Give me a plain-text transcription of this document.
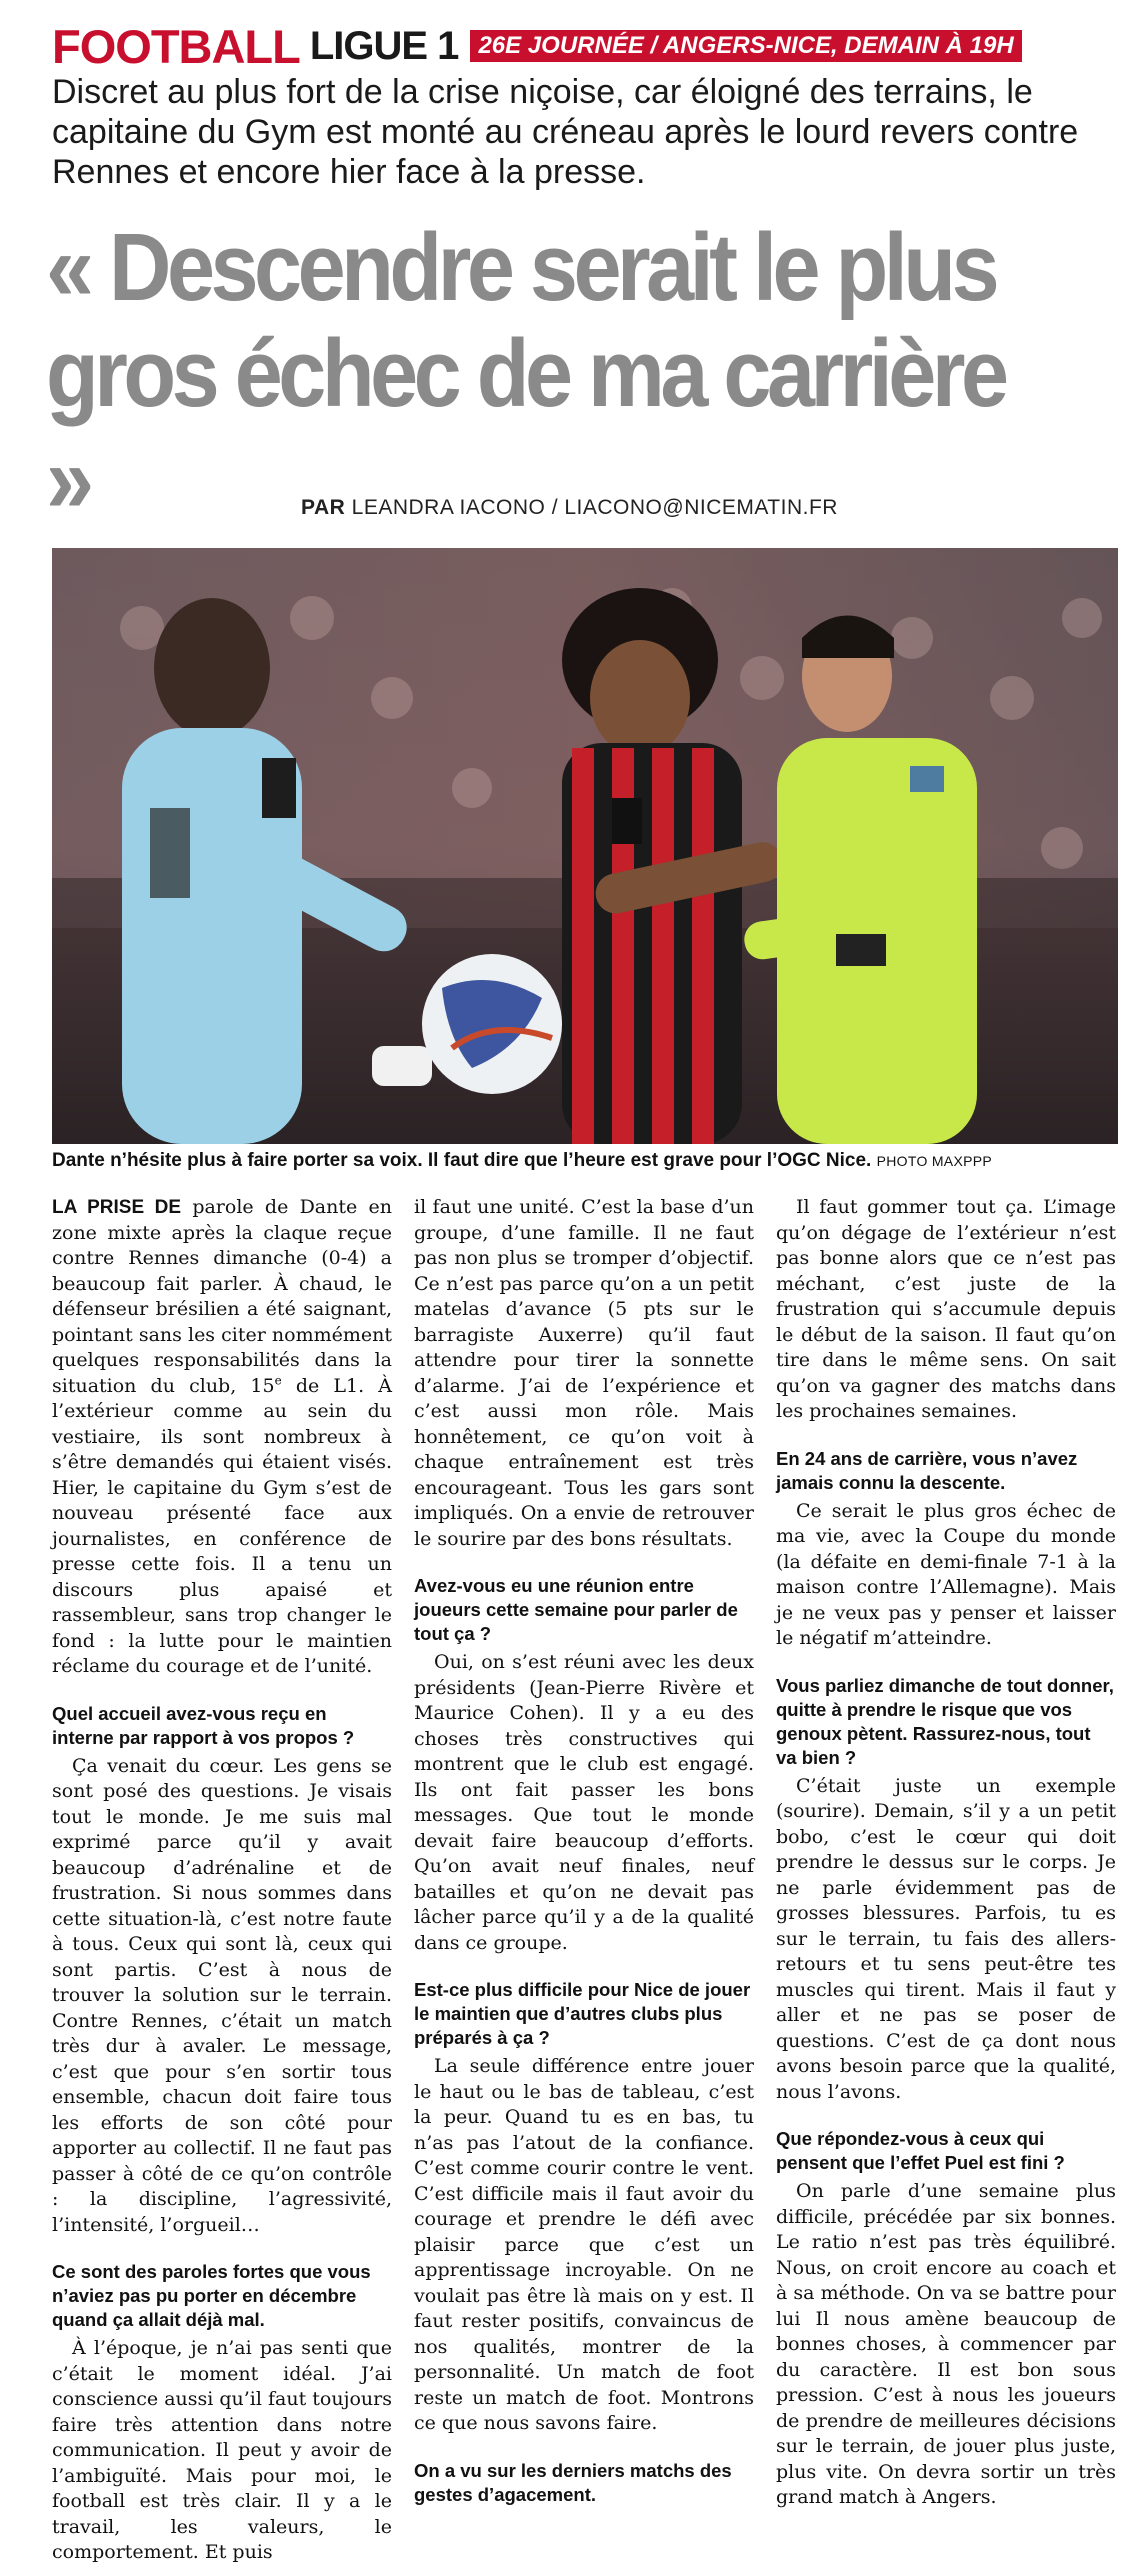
FOOTBALL LIGUE 1 26E JOURNÉE / ANGERS-NICE, DEMAIN À 19H

Discret au plus fort de la crise niçoise, car éloigné des terrains, le capitaine du Gym est monté au créneau après le lourd revers contre Rennes et encore hier face à la presse.

« Descendre serait le plus gros échec de ma carrière »	PAR LEANDRA IACONO / LIACONO@NICEMATIN.FR
Dante n’hésite plus à faire porter sa voix. Il faut dire que l’heure est grave pour l’OGC Nice. PHOTO MAXPPP

LA PRISE DE parole de Dante en zone mixte après la claque reçue contre Rennes dimanche (0-4) a beaucoup fait parler. À chaud, le défenseur brésilien a été saignant, pointant sans les citer nommément quelques responsabilités dans la situation du club, 15e de L1. À l’extérieur comme au sein du vestiaire, ils sont nombreux à s’être demandés qui étaient visés. Hier, le capitaine du Gym s’est de nouveau présenté face aux journalistes, en conférence de presse cette fois. Il a tenu un discours plus apaisé et rassembleur, sans trop changer le fond : la lutte pour le maintien réclame du courage et de l’unité.

Quel accueil avez-vous reçu en interne par rapport à vos propos ?

Ça venait du cœur. Les gens se sont posé des questions. Je visais tout le monde. Je me suis mal exprimé parce qu’il y avait beaucoup d’adrénaline et de frustration. Si nous sommes dans cette situation-là, c’est notre faute à tous. Ceux qui sont là, ceux qui sont partis. C’est à nous de trouver la solution sur le terrain. Contre Rennes, c’était un match très dur à avaler. Le message, c’est que pour s’en sortir tous ensemble, chacun doit faire tous les efforts de son côté pour apporter au collectif. Il ne faut pas passer à côté de ce qu’on contrôle : la discipline, l’agressivité, l’intensité, l’orgueil…

Ce sont des paroles fortes que vous n’aviez pas pu porter en décembre quand ça allait déjà mal.

À l’époque, je n’ai pas senti que c’était le moment idéal. J’ai conscience aussi qu’il faut toujours faire très attention dans notre communication. Il peut y avoir de l’ambiguïté. Mais pour moi, le football est très clair. Il y a le travail, les valeurs, le comportement. Et puis

il faut une unité. C’est la base d’un groupe, d’une famille. Il ne faut pas non plus se tromper d’objectif. Ce n’est pas parce qu’on a un petit matelas d’avance (5 pts sur le barragiste Auxerre) qu’il faut attendre pour tirer la sonnette d’alarme. J’ai de l’expérience et c’est aussi mon rôle. Mais honnêtement, ce qu’on voit à chaque entraînement est très encourageant. Tous les gars sont impliqués. On a envie de retrouver le sourire par des bons résultats.

Avez-vous eu une réunion entre joueurs cette semaine pour parler de tout ça ?

Oui, on s’est réuni avec les deux présidents (Jean-Pierre Rivère et Maurice Cohen). Il y a eu des choses très constructives qui montrent que le club est engagé. Ils ont fait passer les bons messages. Que tout le monde devait faire beaucoup d’efforts. Qu’on avait neuf finales, neuf batailles et qu’on ne devait pas lâcher parce qu’il y a de la qualité dans ce groupe.

Est-ce plus difficile pour Nice de jouer le maintien que d’autres clubs plus préparés à ça ?

La seule différence entre jouer le haut ou le bas de tableau, c’est la peur. Quand tu es en bas, tu n’as pas l’atout de la confiance. C’est comme courir contre le vent. C’est difficile mais il faut avoir du courage et prendre le défi avec plaisir parce que c’est un apprentissage incroyable. On ne voulait pas être là mais on y est. Il faut rester positifs, convaincus de nos qualités, montrer de la personnalité. Un match de foot reste un match de foot. Montrons ce que nous savons faire.

On a vu sur les derniers matchs des gestes d’agacement.

Il faut gommer tout ça. L’image qu’on dégage de l’extérieur n’est pas bonne alors que ce n’est pas méchant, c’est juste de la frustration qui s’accumule depuis le début de la saison. Il faut qu’on tire dans le même sens. On sait qu’on va gagner des matchs dans les prochaines semaines.

En 24 ans de carrière, vous n’avez jamais connu la descente.

Ce serait le plus gros échec de ma vie, avec la Coupe du monde (la défaite en demi-finale 7-1 à la maison contre l’Allemagne). Mais je ne veux pas y penser et laisser le négatif m’atteindre.

Vous parliez dimanche de tout donner, quitte à prendre le risque que vos genoux pètent. Rassurez-nous, tout va bien ?

C’était juste un exemple (sourire). Demain, s’il y a un petit bobo, c’est le cœur qui doit prendre le dessus sur le corps. Je ne parle évidemment pas de grosses blessures. Parfois, tu es sur le terrain, tu fais des allers-retours et tu sens peut-être tes muscles qui tirent. Mais il faut y aller et ne pas se poser de questions. C’est de ça dont nous avons besoin parce que la qualité, nous l’avons.

Que répondez-vous à ceux qui pensent que l’effet Puel est fini ?

On parle d’une semaine plus difficile, précédée par six bonnes. Le ratio n’est pas très équilibré. Nous, on croit encore au coach et à sa méthode. On va se battre pour lui Il nous amène beaucoup de bonnes choses, à commencer par du caractère. Il est bon sous pression. C’est à nous les joueurs de prendre de meilleures décisions sur le terrain, de jouer plus juste, plus vite. On devra sortir un très grand match à Angers.
